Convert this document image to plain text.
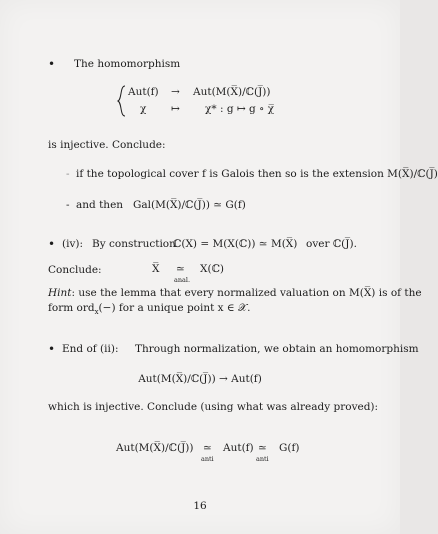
• The homomorphism
Aut(f) → Aut(M(X̅)/ℂ(J̅))
χ ↦ χ* : g ↦ g ∘ χ̅
is injective. Conclude:
- if the topological cover f is Galois then so is the extension M(X̅)/ℂ(J̅)
- and then Gal(M(X̅)/ℂ(J̅)) ≃ G(f)
• (iv): By construction
ℂ(X) = M(X(ℂ)) ≃ M(X̅) over ℂ(J̅).
Conclude:	X̅ ≃
anal.
X(ℂ)
Hint: use the lemma that every normalized valuation on M(X̅) is of the
form ord$_x$(−) for a unique point x ∈ 𝒳.
• End of (ii): Through normalization, we obtain an homomorphism
Aut(M(X̅)/ℂ(J̅)) → Aut(f)
which is injective. Conclude (using what was already proved):
Aut(M(X̅)/ℂ(J̅)) ≃
anti
Aut(f) ≃
anti
G(f)
16
